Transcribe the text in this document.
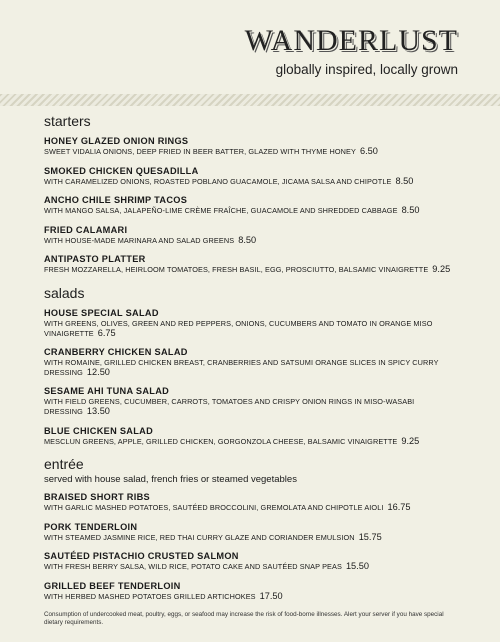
WANDERLUST
globally inspired, locally grown
starters
HONEY GLAZED ONION RINGS
SWEET VIDALIA ONIONS, DEEP FRIED IN BEER BATTER, GLAZED WITH THYME HONEY 6.50
SMOKED CHICKEN QUESADILLA
WITH CARAMELIZED ONIONS, ROASTED POBLANO GUACAMOLE, JICAMA SALSA AND CHIPOTLE 8.50
ANCHO CHILE SHRIMP TACOS
WITH MANGO SALSA, JALAPEÑO-LIME CRÈME FRAÎCHE, GUACAMOLE AND SHREDDED CABBAGE 8.50
FRIED CALAMARI
WITH HOUSE-MADE MARINARA AND SALAD GREENS 8.50
ANTIPASTO PLATTER
FRESH MOZZARELLA, HEIRLOOM TOMATOES, FRESH BASIL, EGG, PROSCIUTTO, BALSAMIC VINAIGRETTE 9.25
salads
HOUSE SPECIAL SALAD
WITH GREENS, OLIVES, GREEN AND RED PEPPERS, ONIONS, CUCUMBERS AND TOMATO IN ORANGE MISO VINAIGRETTE 6.75
CRANBERRY CHICKEN SALAD
WITH ROMAINE, GRILLED CHICKEN BREAST, CRANBERRIES AND SATSUMI ORANGE SLICES IN SPICY CURRY DRESSING 12.50
SESAME AHI TUNA SALAD
WITH FIELD GREENS, CUCUMBER, CARROTS, TOMATOES AND CRISPY ONION RINGS IN MISO-WASABI DRESSING 13.50
BLUE CHICKEN SALAD
MESCLUN GREENS, APPLE, GRILLED CHICKEN, GORGONZOLA CHEESE, BALSAMIC VINAIGRETTE 9.25
entrée
served with house salad, french fries or steamed vegetables
BRAISED SHORT RIBS
WITH GARLIC MASHED POTATOES, SAUTÉED BROCCOLINI, GREMOLATA AND CHIPOTLE AIOLI 16.75
PORK TENDERLOIN
WITH STEAMED JASMINE RICE, RED THAI CURRY GLAZE AND CORIANDER EMULSION 15.75
SAUTÉED PISTACHIO CRUSTED SALMON
WITH FRESH BERRY SALSA, WILD RICE, POTATO CAKE AND SAUTÉED SNAP PEAS 15.50
GRILLED BEEF TENDERLOIN
WITH HERBED MASHED POTATOES GRILLED ARTICHOKES 17.50
Consumption of undercooked meat, poultry, eggs, or seafood may increase the risk of food-borne illnesses. Alert your server if you have special dietary requirements.
